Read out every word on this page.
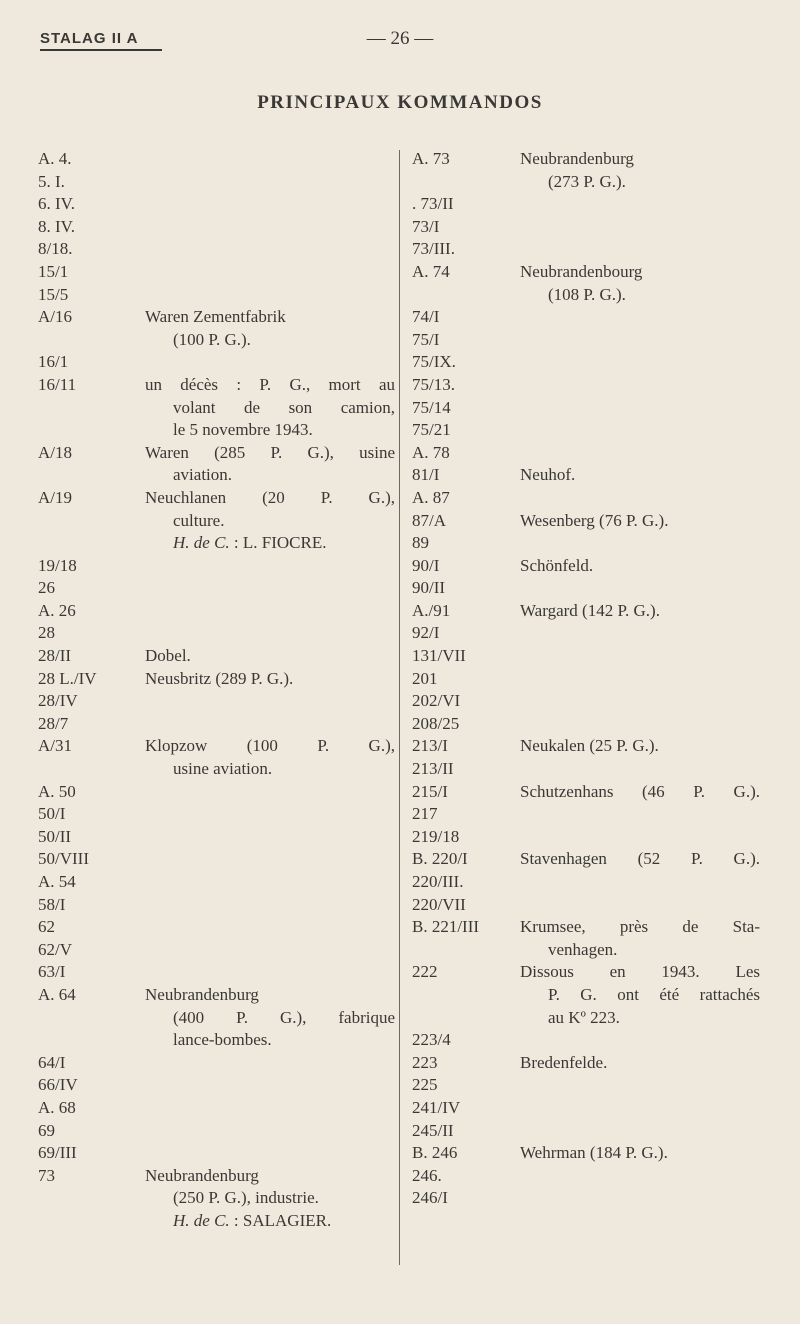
STALAG II A	— 26 —
PRINCIPAUX KOMMANDOS
A. 4.
5. I.
6. IV.
8. IV.
8/18.
15/1
15/5
A/16	Waren Zementfabrik
(100 P. G.).
16/1
16/11	un décès : P. G., mort au
volant de son camion,
le 5 novembre 1943.
A/18	Waren (285 P. G.), usine
aviation.
A/19	Neuchlanen (20 P. G.),
culture.
H. de C. : L. FIOCRE.
19/18
26
A. 26
28
28/II	Dobel.
28 L./IV	Neusbritz (289 P. G.).
28/IV
28/7
A/31	Klopzow (100 P. G.),
usine aviation.
A. 50
50/I
50/II
50/VIII
A. 54
58/I
62
62/V
63/I
A. 64	Neubrandenburg
(400 P. G.), fabrique
lance-bombes.
64/I
66/IV
A. 68
69
69/III
73	Neubrandenburg
(250 P. G.), industrie.
H. de C. : SALAGIER.
A. 73	Neubrandenburg
(273 P. G.).
. 73/II
73/I
73/III.
A. 74	Neubrandenbourg
(108 P. G.).
74/I
75/I
75/IX.
75/13.
75/14
75/21
A. 78
81/I	Neuhof.
A. 87
87/A	Wesenberg (76 P. G.).
89
90/I	Schönfeld.
90/II
A./91	Wargard (142 P. G.).
92/I
131/VII
201
202/VI
208/25
213/I	Neukalen (25 P. G.).
213/II
215/I	Schutzenhans (46 P. G.).
217
219/18
B. 220/I	Stavenhagen (52 P. G.).
220/III.
220/VII
B. 221/III	Krumsee, près de Sta-
venhagen.
222	Dissous en 1943. Les
P. G. ont été rattachés
au Kº 223.
223/4
223	Bredenfelde.
225
241/IV
245/II
B. 246	Wehrman (184 P. G.).
246.
246/I
